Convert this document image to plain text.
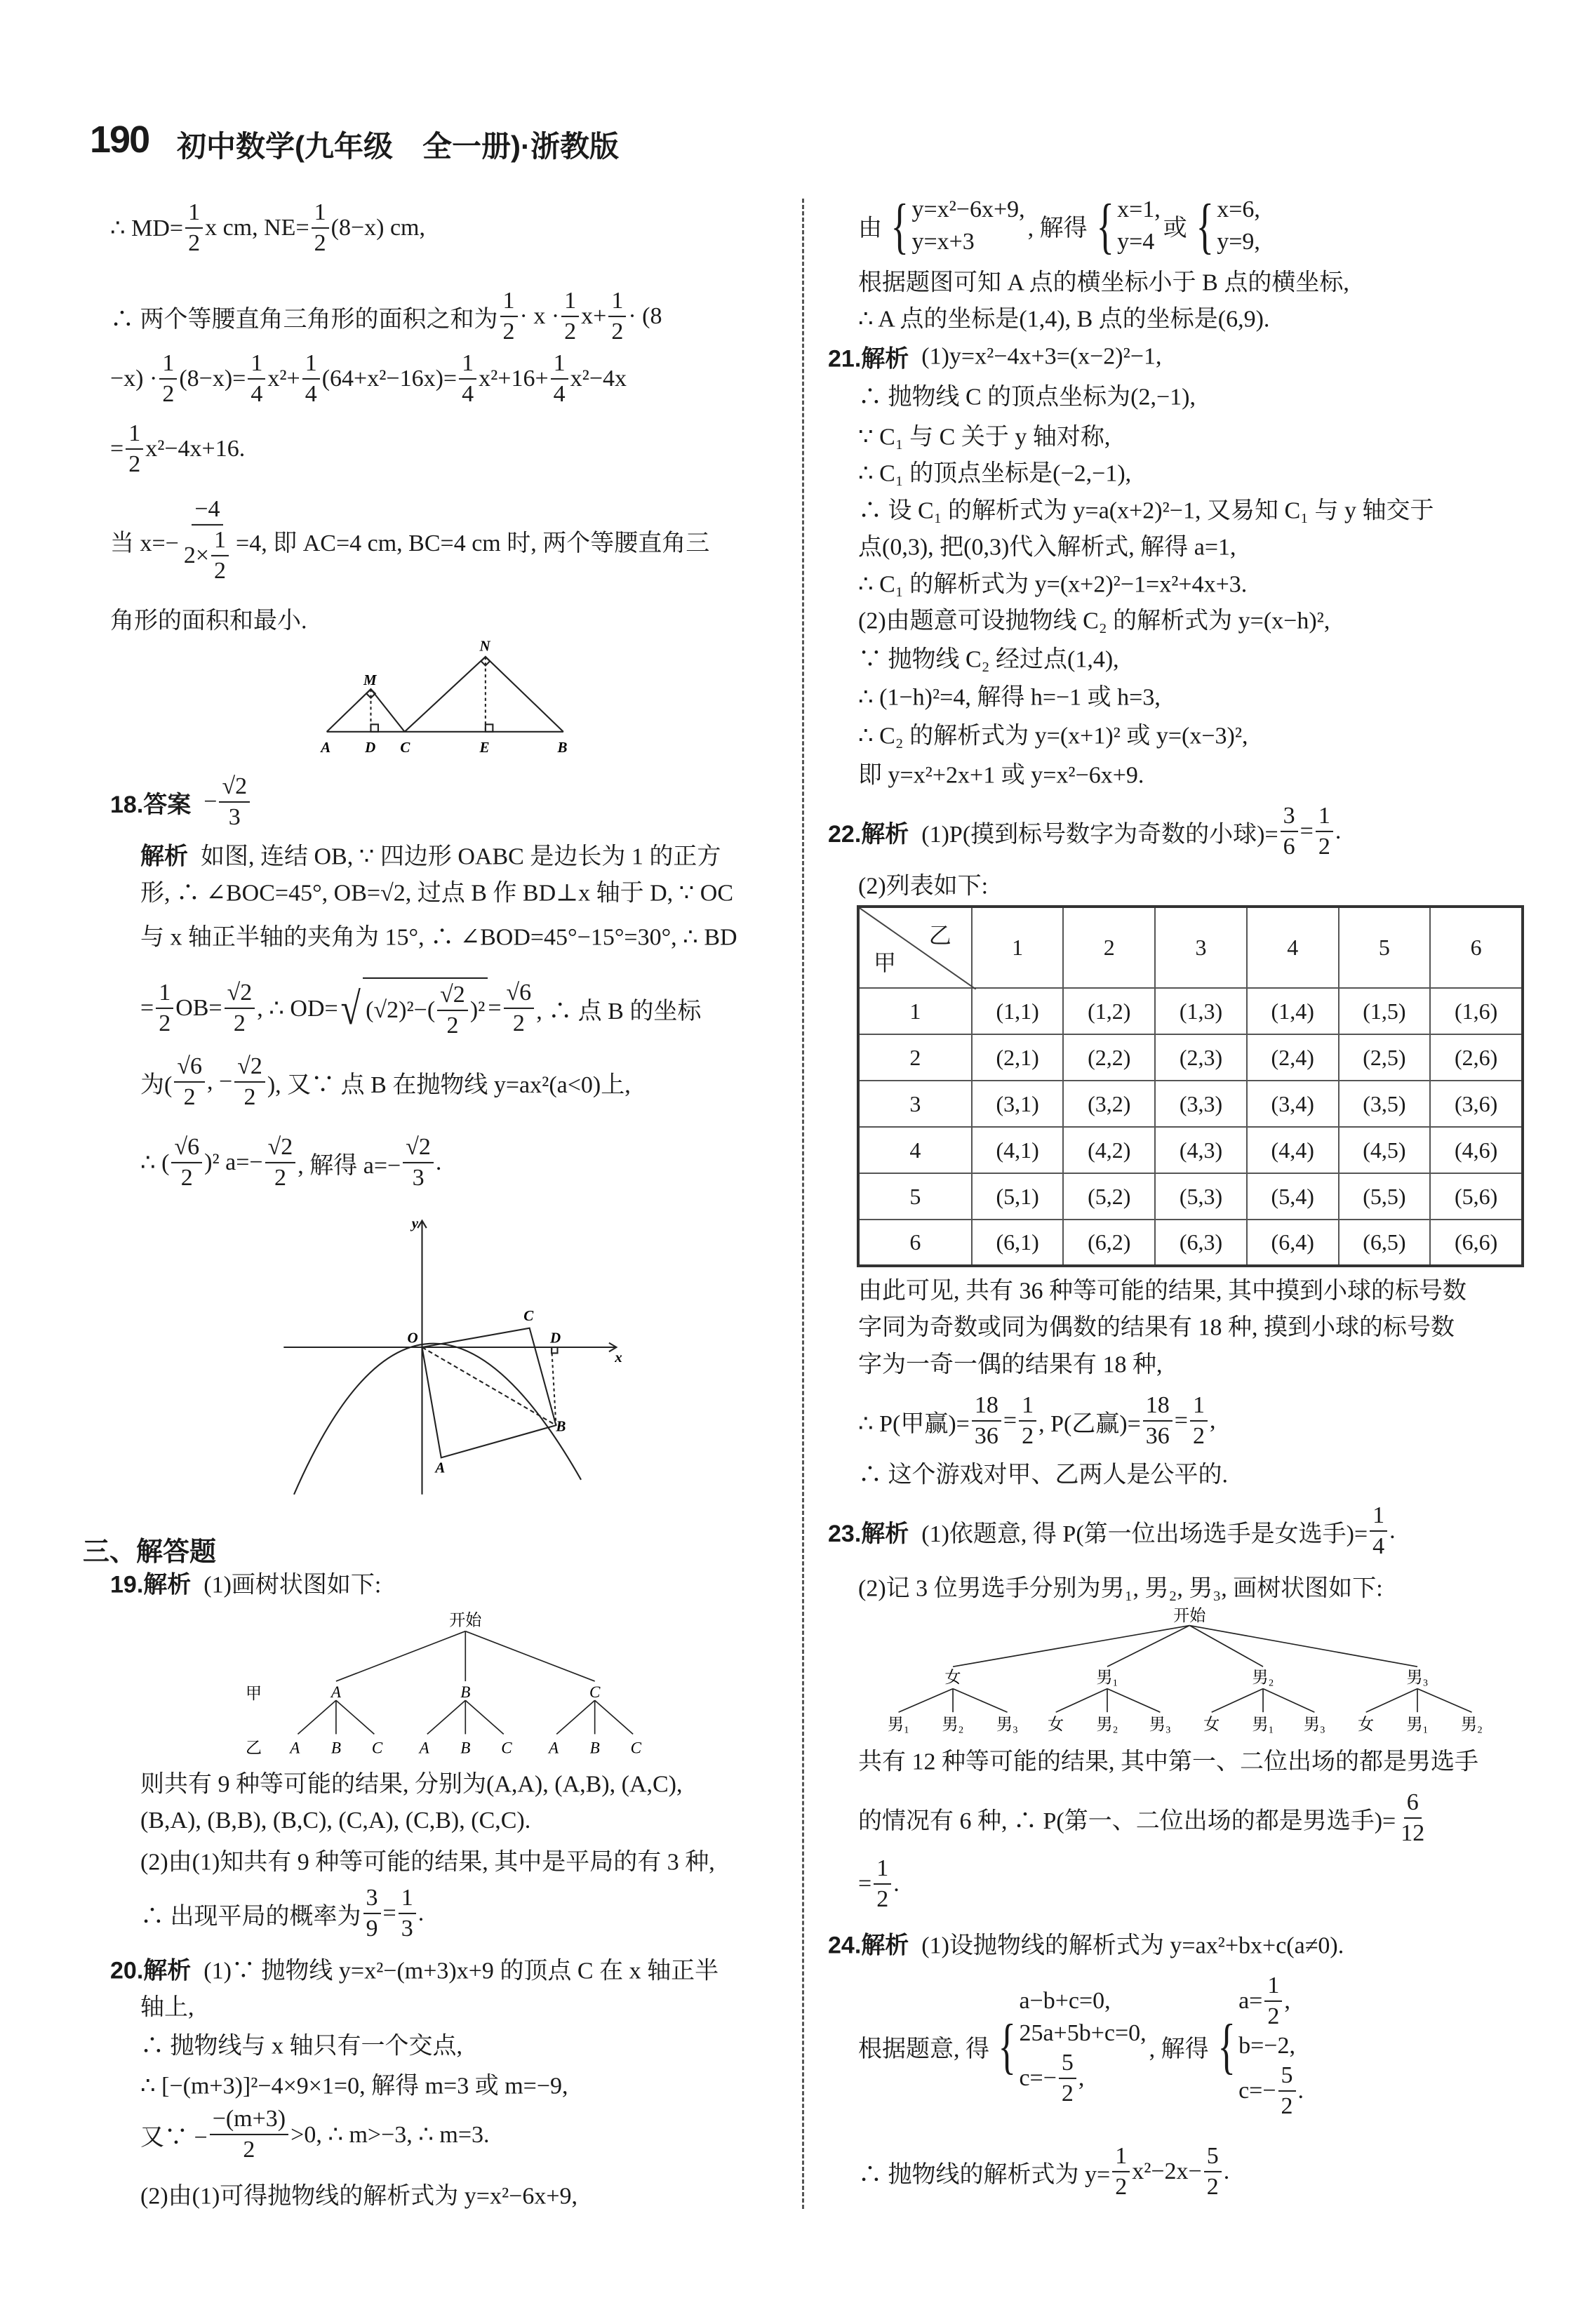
190 初中数学(九年级　全一册)·浙教版
∴ $MD= \frac{1}{2}$ x cm, $NE= \frac{1}{2} (8-x)$ cm,
∴ 两个等腰直角三角形的面积之和为 $\frac{1}{2} \cdot x \cdot \frac{1}{2} x+ \frac{1}{2} \cdot (8$
$-x) \cdot \frac{1}{2} (8-x)= \frac{1}{4} x^2+ \frac{1}{4} (64+x^2-16x)= \frac{1}{4} x^2+16+ \frac{1}{4} x^2-4x$
= $\frac{1}{2} x^2-4x+16$.
当 $x=- \frac{-4}{2\times \frac{1}{2}} =4$, 即 AC=4 cm, BC=4 cm 时, 两个等腰直角三
角形的面积和最小.
A	D	C	E	B
M
N
18.答案 − $\frac{√2}{3}$
解析 如图, 连结 OB, ∵ 四边形 OABC 是边长为 1 的正方
形, ∴ ∠BOC=45°, OB=√2, 过点 B 作 BD⊥x 轴于 D, ∵ OC
与 x 轴正半轴的夹角为 15°, ∴ ∠BOD=45°−15°=30°, ∴ BD
= $\frac{1}{2} OB= \frac{√2}{2}$ , ∴ OD= √ $(√2)^2-( \frac{√2}{2} )^2 = \frac{√6}{2}$ , ∴ 点 B 的坐标
为( $\frac{√6}{2}$ , − $\frac{√2}{2}$ ), 又∵ 点 B 在抛物线 y=ax²(a<0)上,
∴ ( $\frac{√6}{2} )^2$ $a=- \frac{√2}{2}$ , 解得 $a=- \frac{√2}{3}$ .
y
O
x
C
D
B
A
三、解答题
19.解析 (1)画树状图如下:
开始
甲
乙
A	B	C
A	B	C	A	B	C	A	B	C
则共有 9 种等可能的结果, 分别为(A,A), (A,B), (A,C),
(B,A), (B,B), (B,C), (C,A), (C,B), (C,C).
(2)由(1)知共有 9 种等可能的结果, 其中是平局的有 3 种,
∴ 出现平局的概率为 $\frac{3}{9} = \frac{1}{3}$ .
20.解析 (1)∵ 抛物线 y=x²−(m+3)x+9 的顶点 C 在 x 轴正半
轴上,
∴ 抛物线与 x 轴只有一个交点,
∴ [−(m+3)]²−4×9×1=0, 解得 m=3 或 m=−9,
又∵ − $\frac{-(m+3)}{2} >0$, ∴ m>−3, ∴ m=3.
(2)由(1)可得抛物线的解析式为 y=x²−6x+9,
由 { y=x²−6x+9,
y=x+3 , 解得 { x=1,
y=4 或 { x=6,
y=9,
根据题图可知 A 点的横坐标小于 B 点的横坐标,
∴ A 点的坐标是(1,4), B 点的坐标是(6,9).
21.解析 (1)y=x²−4x+3=(x−2)²−1,
∴ 抛物线 C 的顶点坐标为(2,−1),
∵ C₁ 与 C 关于 y 轴对称,
∴ C₁ 的顶点坐标是(−2,−1),
∴ 设 C₁ 的解析式为 y=a(x+2)²−1, 又易知 C₁ 与 y 轴交于
点(0,3), 把(0,3)代入解析式, 解得 a=1,
∴ C₁ 的解析式为 y=(x+2)²−1=x²+4x+3.
(2)由题意可设抛物线 C₂ 的解析式为 y=(x−h)²,
∵ 抛物线 C₂ 经过点(1,4),
∴ (1−h)²=4, 解得 h=−1 或 h=3,
∴ C₂ 的解析式为 y=(x+1)² 或 y=(x−3)²,
即 y=x²+2x+1 或 y=x²−6x+9.
22.解析 (1)P(摸到标号数字为奇数的小球)= $\frac{3}{6} = \frac{1}{2}$ .
(2)列表如下:
乙
甲	1	2	3	4	5	6
1	(1,1)	(1,2)	(1,3)	(1,4)	(1,5)	(1,6)
2	(2,1)	(2,2)	(2,3)	(2,4)	(2,5)	(2,6)
3	(3,1)	(3,2)	(3,3)	(3,4)	(3,5)	(3,6)
4	(4,1)	(4,2)	(4,3)	(4,4)	(4,5)	(4,6)
5	(5,1)	(5,2)	(5,3)	(5,4)	(5,5)	(5,6)
6	(6,1)	(6,2)	(6,3)	(6,4)	(6,5)	(6,6)
由此可见, 共有 36 种等可能的结果, 其中摸到小球的标号数
字同为奇数或同为偶数的结果有 18 种, 摸到小球的标号数
字为一奇一偶的结果有 18 种,
∴ P(甲赢)= $\frac{18}{36} = \frac{1}{2}$ , P(乙赢)= $\frac{18}{36} = \frac{1}{2}$ ,
∴ 这个游戏对甲、乙两人是公平的.
23.解析 (1)依题意, 得 P(第一位出场选手是女选手)= $\frac{1}{4}$ .
(2)记 3 位男选手分别为男₁, 男₂, 男₃, 画树状图如下:
开始
女
男₁	男₂	男₃
男₁
女	男₂	男₃
男₂
女	男₁	男₃
男₃
女	男₁	男₂
共有 12 种等可能的结果, 其中第一、二位出场的都是男选手
的情况有 6 种, ∴ P(第一、二位出场的都是男选手)= $\frac{6}{12}$
= $\frac{1}{2}$ .
24.解析 (1)设抛物线的解析式为 y=ax²+bx+c(a≠0).
根据题意, 得 {
a−b+c=0,
25a+5b+c=0,
$c=- \frac{5}{2}$ ,
, 解得 {
$a= \frac{1}{2}$ ,
b=−2,
$c=- \frac{5}{2}$ .
∴ 抛物线的解析式为 $y= \frac{1}{2} x^2-2x- \frac{5}{2}$ .
